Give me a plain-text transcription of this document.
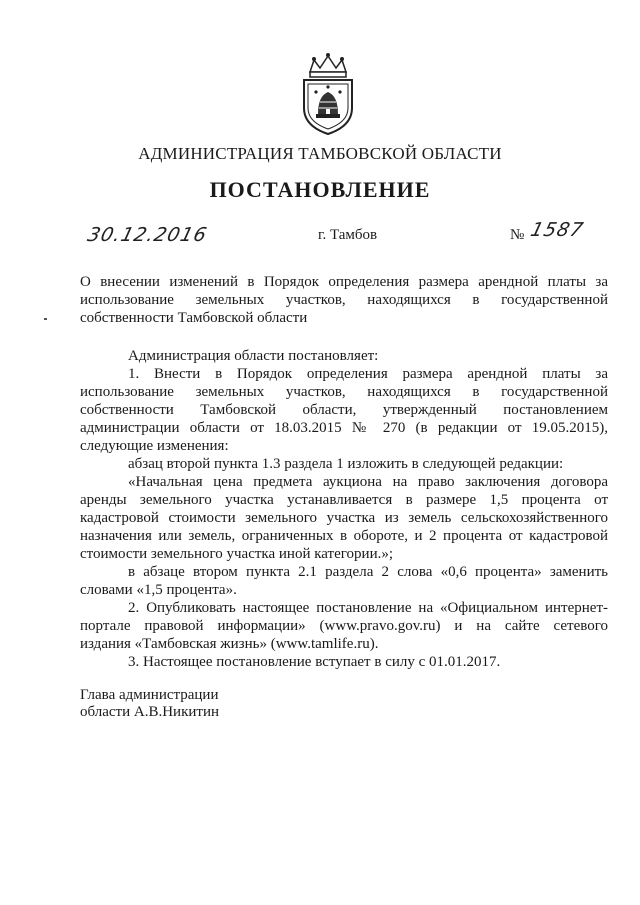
АДМИНИСТРАЦИЯ ТАМБОВСКОЙ ОБЛАСТИ
ПОСТАНОВЛЕНИЕ
30.12.2016	г. Тамбов	№ 1587
О внесении изменений в Порядок определения размера арендной платы за
использование земельных участков, находящихся в государственной
собственности Тамбовской области
Администрация области постановляет:
1. Внести в Порядок определения размера арендной платы за
использование земельных участков, находящихся в государственной
собственности Тамбовской области, утвержденный постановлением
администрации области от 18.03.2015 № 270 (в редакции от 19.05.2015),
следующие изменения:
абзац второй пункта 1.3 раздела 1 изложить в следующей редакции:
«Начальная цена предмета аукциона на право заключения договора
аренды земельного участка устанавливается в размере 1,5 процента от
кадастровой стоимости земельного участка из земель сельскохозяйственного
назначения или земель, ограниченных в обороте, и 2 процента от кадастровой
стоимости земельного участка иной категории.»;
в абзаце втором пункта 2.1 раздела 2 слова «0,6 процента» заменить
словами «1,5 процента».
2. Опубликовать настоящее постановление на «Официальном интернет-
портале правовой информации» (www.pravo.gov.ru) и на сайте сетевого
издания «Тамбовская жизнь» (www.tamlife.ru).
3. Настоящее постановление вступает в силу с 01.01.2017.
Глава администрации
области А.В.Никитин
